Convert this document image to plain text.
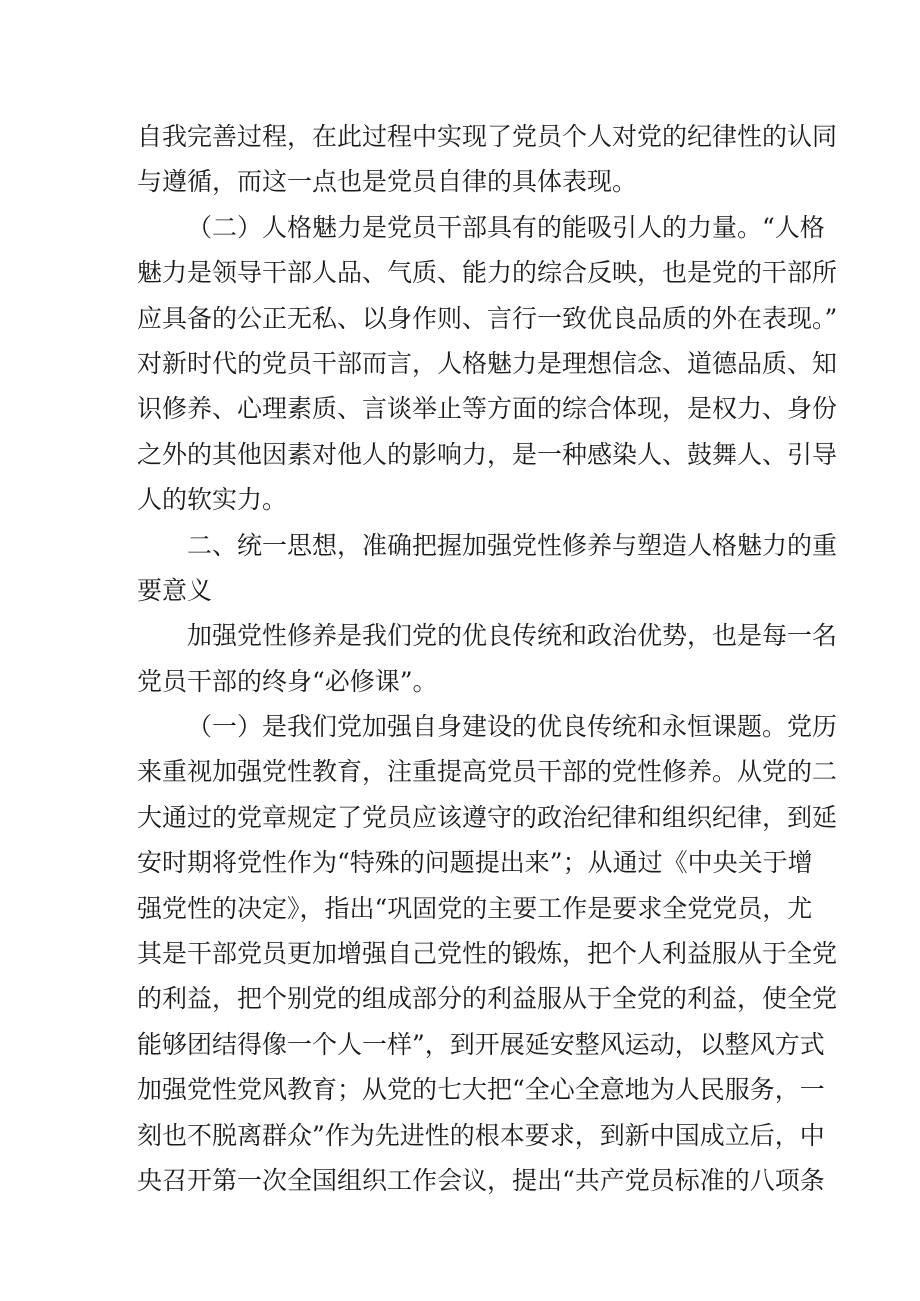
自我完善过程，在此过程中实现了党员个人对党的纪律性的认同
与遵循，而这一点也是党员自律的具体表现。
（二）人格魅力是党员干部具有的能吸引人的力量。“人格
魅力是领导干部人品、气质、能力的综合反映，也是党的干部所
应具备的公正无私、以身作则、言行一致优良品质的外在表现。”
对新时代的党员干部而言，人格魅力是理想信念、道德品质、知
识修养、心理素质、言谈举止等方面的综合体现，是权力、身份
之外的其他因素对他人的影响力，是一种感染人、鼓舞人、引导
人的软实力。
二、统一思想，准确把握加强党性修养与塑造人格魅力的重
要意义
加强党性修养是我们党的优良传统和政治优势，也是每一名
党员干部的终身“必修课”。
（一）是我们党加强自身建设的优良传统和永恒课题。党历
来重视加强党性教育，注重提高党员干部的党性修养。从党的二
大通过的党章规定了党员应该遵守的政治纪律和组织纪律，到延
安时期将党性作为“特殊的问题提出来”；从通过《中央关于增
强党性的决定》，指出“巩固党的主要工作是要求全党党员，尤
其是干部党员更加增强自己党性的锻炼，把个人利益服从于全党
的利益，把个别党的组成部分的利益服从于全党的利益，使全党
能够团结得像一个人一样”，到开展延安整风运动，以整风方式
加强党性党风教育；从党的七大把“全心全意地为人民服务，一
刻也不脱离群众”作为先进性的根本要求，到新中国成立后，中
央召开第一次全国组织工作会议，提出“共产党员标准的八项条
